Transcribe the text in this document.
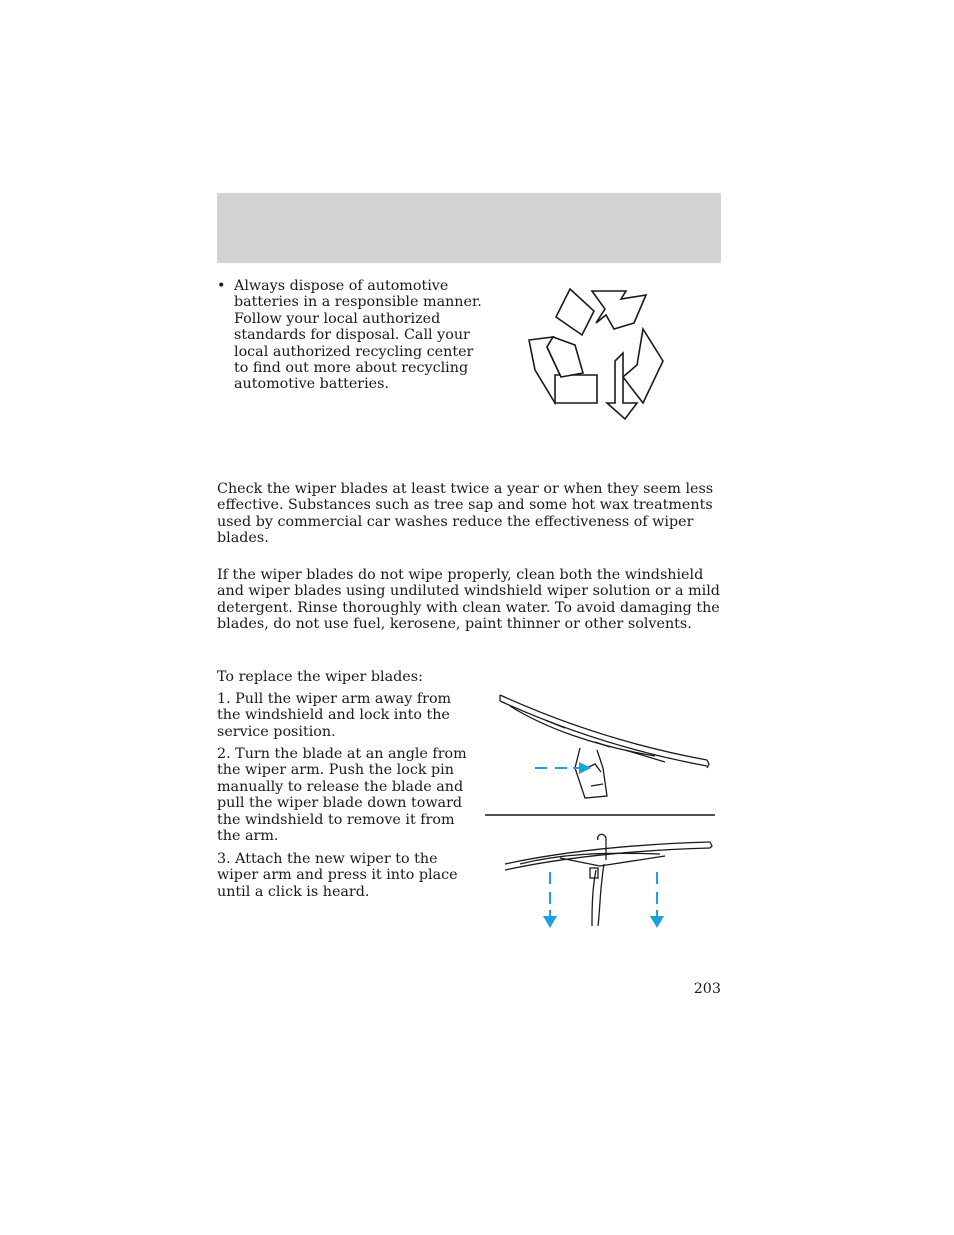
• Always dispose of automotive batteries in a responsible manner. Follow your local authorized standards for disposal. Call your local authorized recycling center to find out more about recycling automotive batteries.

Check the wiper blades at least twice a year or when they seem less effective. Substances such as tree sap and some hot wax treatments used by commercial car washes reduce the effectiveness of wiper blades.

If the wiper blades do not wipe properly, clean both the windshield and wiper blades using undiluted windshield wiper solution or a mild detergent. Rinse thoroughly with clean water. To avoid damaging the blades, do not use fuel, kerosene, paint thinner or other solvents.

To replace the wiper blades:

1. Pull the wiper arm away from the windshield and lock into the service position.

2. Turn the blade at an angle from the wiper arm. Push the lock pin manually to release the blade and pull the wiper blade down toward the windshield to remove it from the arm.

3. Attach the new wiper to the wiper arm and press it into place until a click is heard.

203
